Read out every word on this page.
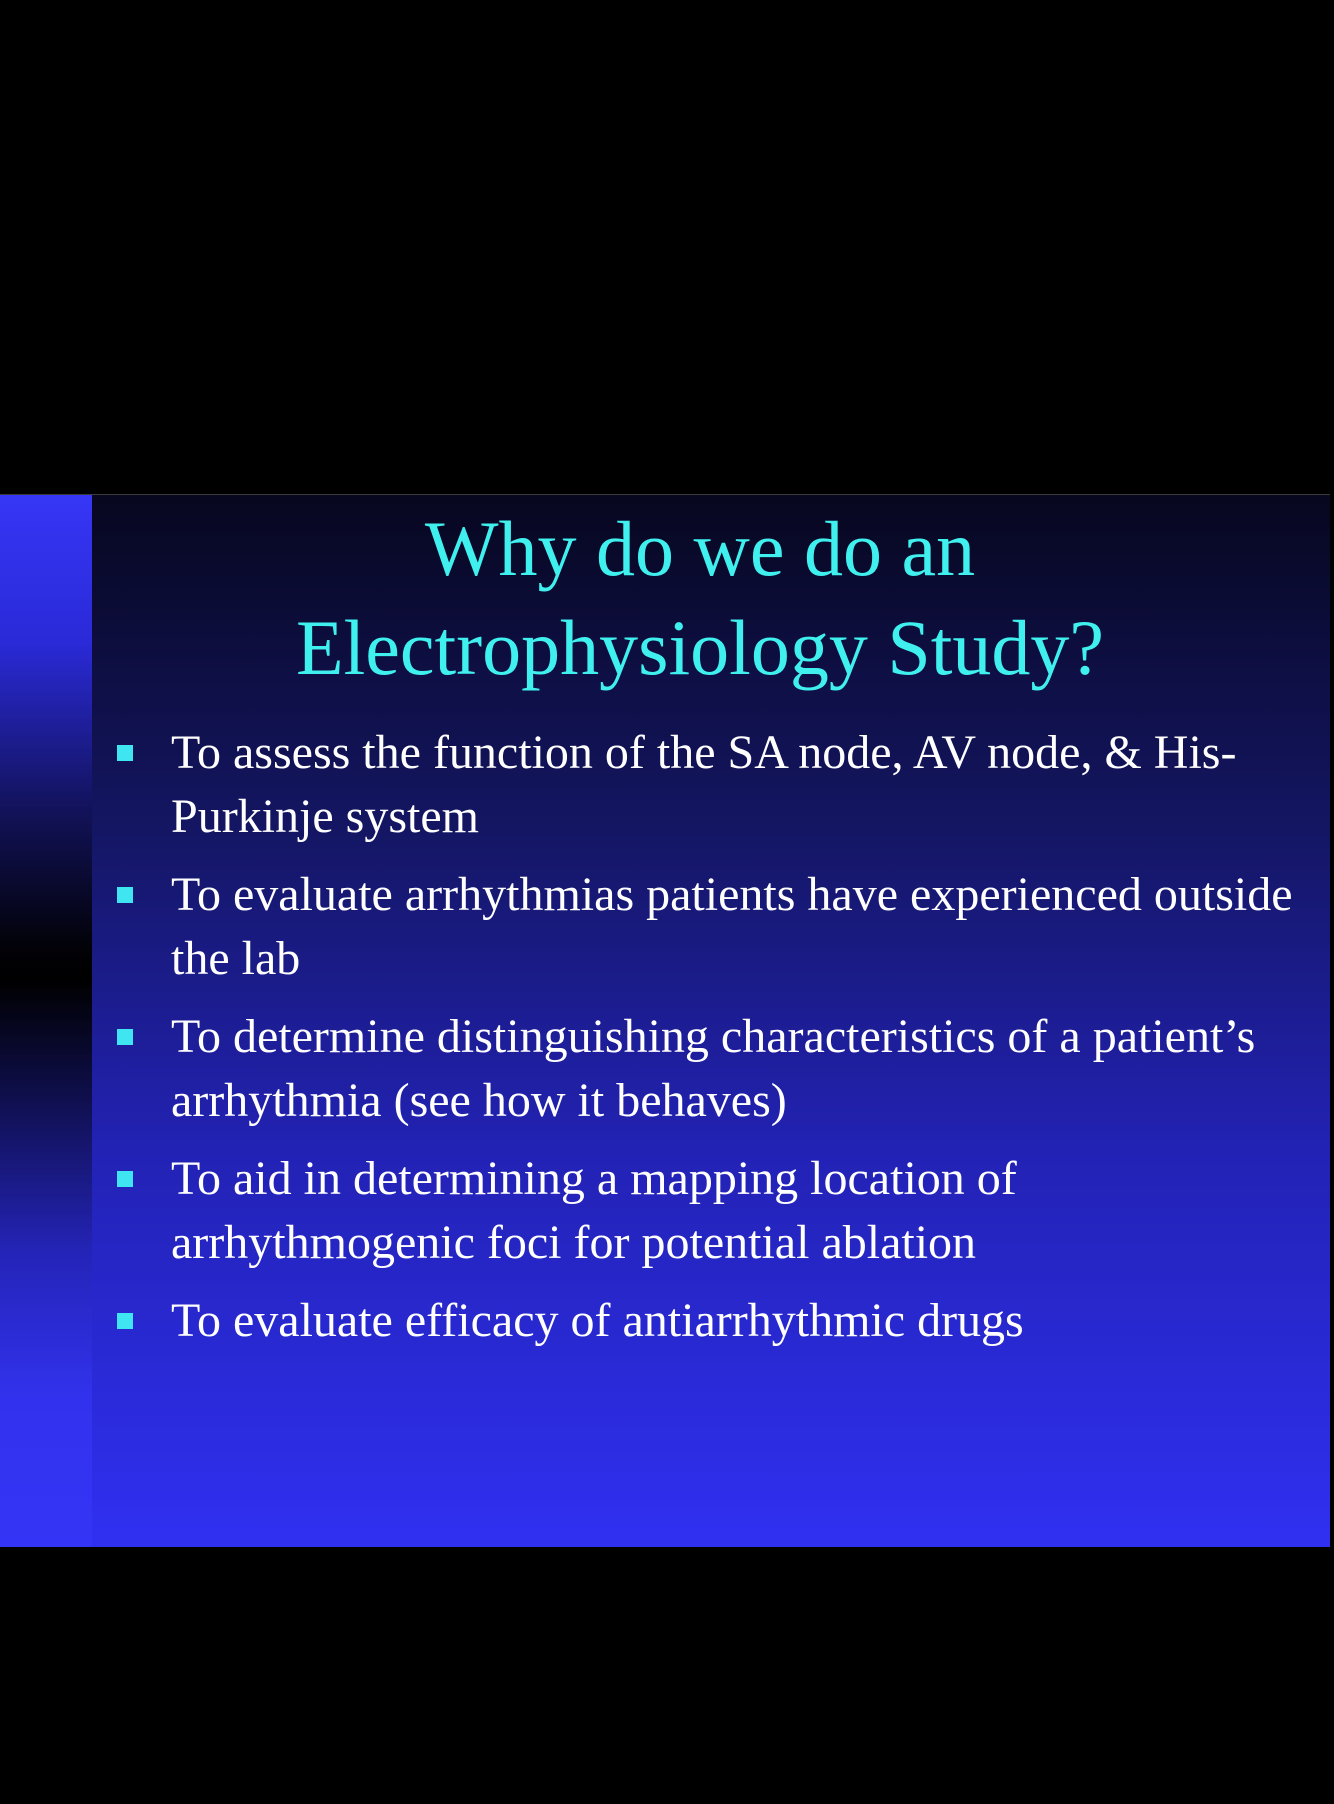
Why do we do an
Electrophysiology Study?
To assess the function of the SA node, AV node, & His-Purkinje system
To evaluate arrhythmias patients have experienced outside the lab
To determine distinguishing characteristics of a patient’s arrhythmia (see how it behaves)
To aid in determining a mapping location of arrhythmogenic foci for potential ablation
To evaluate efficacy of antiarrhythmic drugs
